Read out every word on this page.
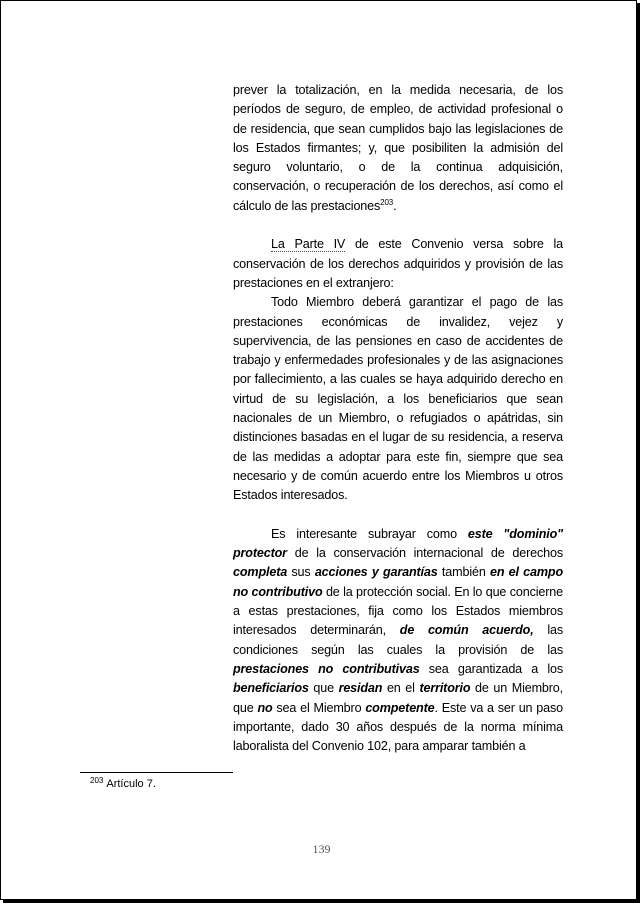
prever la totalización, en la medida necesaria, de los períodos de seguro, de empleo, de actividad profesional o de residencia, que sean cumplidos bajo las legislaciones de los Estados firmantes; y, que posibiliten la admisión del seguro voluntario, o de la continua adquisición, conservación, o recuperación de los derechos, así como el cálculo de las prestaciones$^{203}$.

La Parte IV de este Convenio versa sobre la conservación de los derechos adquiridos y provisión de las prestaciones en el extranjero:

Todo Miembro deberá garantizar el pago de las prestaciones económicas de invalidez, vejez y supervivencia, de las pensiones en caso de accidentes de trabajo y enfermedades profesionales y de las asignaciones por fallecimiento, a las cuales se haya adquirido derecho en virtud de su legislación, a los beneficiarios que sean nacionales de un Miembro, o refugiados o apátridas, sin distinciones basadas en el lugar de su residencia, a reserva de las medidas a adoptar para este fin, siempre que sea necesario y de común acuerdo entre los Miembros u otros Estados interesados.

Es interesante subrayar como este "dominio" protector de la conservación internacional de derechos completa sus acciones y garantías también en el campo no contributivo de la protección social. En lo que concierne a estas prestaciones, fija como los Estados miembros interesados determinarán, de común acuerdo, las condiciones según las cuales la provisión de las prestaciones no contributivas sea garantizada a los beneficiarios que residan en el territorio de un Miembro, que no sea el Miembro competente. Este va a ser un paso importante, dado 30 años después de la norma mínima laboralista del Convenio 102, para amparar también a

$^{203}$ Artículo 7.
139
